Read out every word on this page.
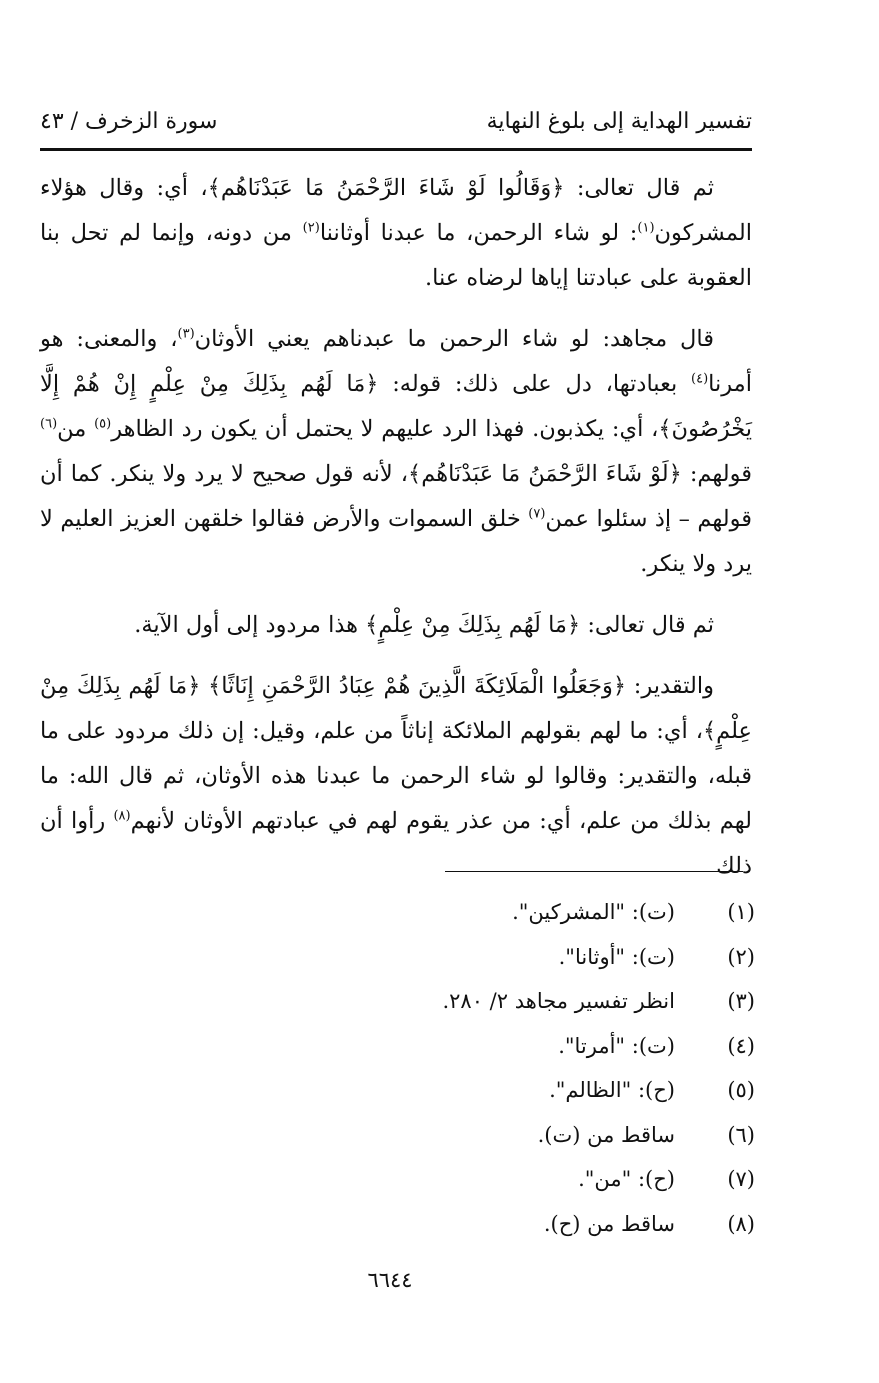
تفسير الهداية إلى بلوغ النهاية
سورة الزخرف / ٤٣

ثم قال تعالى: ﴿وَقَالُوا لَوْ شَاءَ الرَّحْمَنُ مَا عَبَدْنَاهُم﴾، أي: وقال هؤلاء المشركون$^{(١)}$: لو شاء الرحمن، ما عبدنا أوثاننا$^{(٢)}$ من دونه، وإنما لم تحل بنا العقوبة على عبادتنا إياها لرضاه عنا.

قال مجاهد: لو شاء الرحمن ما عبدناهم يعني الأوثان$^{(٣)}$، والمعنى: هو أمرنا$^{(٤)}$ بعبادتها، دل على ذلك: قوله: ﴿مَا لَهُم بِذَلِكَ مِنْ عِلْمٍ إِنْ هُمْ إِلَّا يَخْرُصُونَ﴾، أي: يكذبون. فهذا الرد عليهم لا يحتمل أن يكون رد الظاهر$^{(٥)}$ من$^{(٦)}$ قولهم: ﴿لَوْ شَاءَ الرَّحْمَنُ مَا عَبَدْنَاهُم﴾، لأنه قول صحيح لا يرد ولا ينكر. كما أن قولهم – إذ سئلوا عمن$^{(٧)}$ خلق السموات والأرض فقالوا خلقهن العزيز العليم لا يرد ولا ينكر.

ثم قال تعالى: ﴿مَا لَهُم بِذَلِكَ مِنْ عِلْمٍ﴾ هذا مردود إلى أول الآية.

والتقدير: ﴿وَجَعَلُوا الْمَلَائِكَةَ الَّذِينَ هُمْ عِبَادُ الرَّحْمَنِ إِنَاثًا﴾ ﴿مَا لَهُم بِذَلِكَ مِنْ عِلْمٍ﴾، أي: ما لهم بقولهم الملائكة إناثاً من علم، وقيل: إن ذلك مردود على ما قبله، والتقدير: وقالوا لو شاء الرحمن ما عبدنا هذه الأوثان، ثم قال الله: ما لهم بذلك من علم، أي: من عذر يقوم لهم في عبادتهم الأوثان لأنهم$^{(٨)}$ رأوا أن ذلك

(١)
(ت): "المشركين".
(٢)
(ت): "أوثانا".
(٣)
انظر تفسير مجاهد ٢/ ٢٨٠.
(٤)
(ت): "أمرتا".
(٥)
(ح): "الظالم".
(٦)
ساقط من (ت).
(٧)
(ح): "من".
(٨)
ساقط من (ح).
٦٦٤٤
